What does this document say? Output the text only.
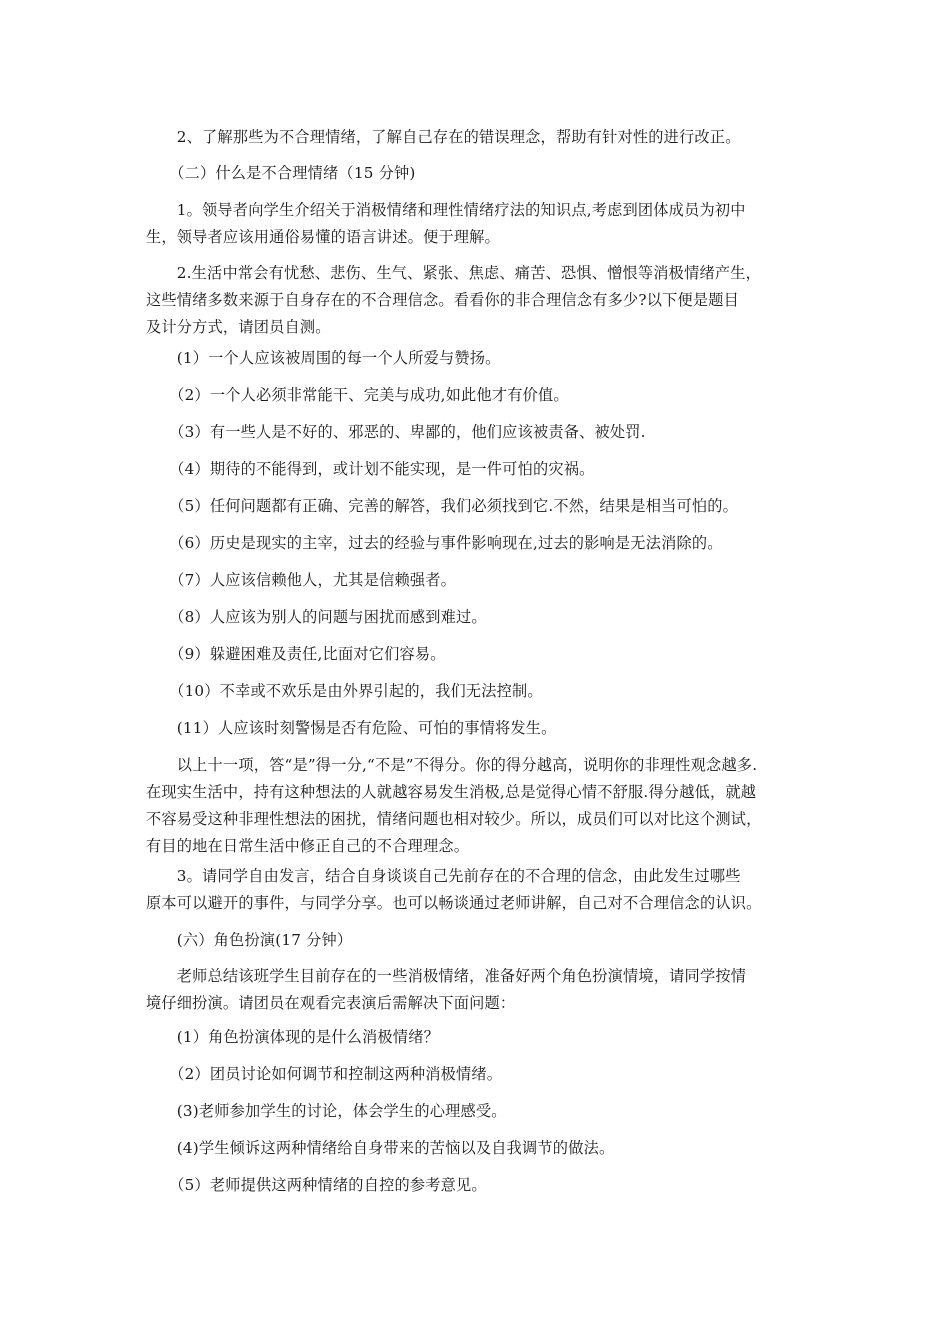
　　2、了解那些为不合理情绪，了解自己存在的错误理念，帮助有针对性的进行改正。

　　（二）什么是不合理情绪（15 分钟)

　　1。领导者向学生介绍关于消极情绪和理性情绪疗法的知识点,考虑到团体成员为初中
生，领导者应该用通俗易懂的语言讲述。便于理解。

　　2.生活中常会有忧愁、悲伤、生气、紧张、焦虑、痛苦、恐惧、憎恨等消极情绪产生，
这些情绪多数来源于自身存在的不合理信念。看看你的非合理信念有多少?以下便是题目
及计分方式，请团员自测。

　　(1）一个人应该被周围的每一个人所爱与赞扬。

　　（2）一个人必须非常能干、完美与成功,如此他才有价值。

　　（3）有一些人是不好的、邪恶的、卑鄙的，他们应该被责备、被处罚.

　　（4）期待的不能得到，或计划不能实现，是一件可怕的灾祸。

　　（5）任何问题都有正确、完善的解答，我们必须找到它.不然，结果是相当可怕的。

　　（6）历史是现实的主宰，过去的经验与事件影响现在,过去的影响是无法消除的。

　　（7）人应该信赖他人，尤其是信赖强者。

　　（8）人应该为别人的问题与困扰而感到难过。

　　（9）躲避困难及责任,比面对它们容易。

　　（10）不幸或不欢乐是由外界引起的，我们无法控制。

　　(11）人应该时刻警惕是否有危险、可怕的事情将发生。

　　以上十一项，答“是”得一分,“不是”不得分。你的得分越高，说明你的非理性观念越多.
在现实生活中，持有这种想法的人就越容易发生消极,总是觉得心情不舒服.得分越低，就越
不容易受这种非理性想法的困扰，情绪问题也相对较少。所以，成员们可以对比这个测试，
有目的地在日常生活中修正自己的不合理理念。

　　3。请同学自由发言，结合自身谈谈自己先前存在的不合理的信念，由此发生过哪些
原本可以避开的事件，与同学分享。也可以畅谈通过老师讲解，自己对不合理信念的认识。

　　(六）角色扮演(17 分钟）

　　老师总结该班学生目前存在的一些消极情绪，准备好两个角色扮演情境，请同学按情
境仔细扮演。请团员在观看完表演后需解决下面问题：

　　(1）角色扮演体现的是什么消极情绪？

　　（2）团员讨论如何调节和控制这两种消极情绪。

　　(3)老师参加学生的讨论，体会学生的心理感受。

　　(4)学生倾诉这两种情绪给自身带来的苦恼以及自我调节的做法。

　　（5）老师提供这两种情绪的自控的参考意见。
